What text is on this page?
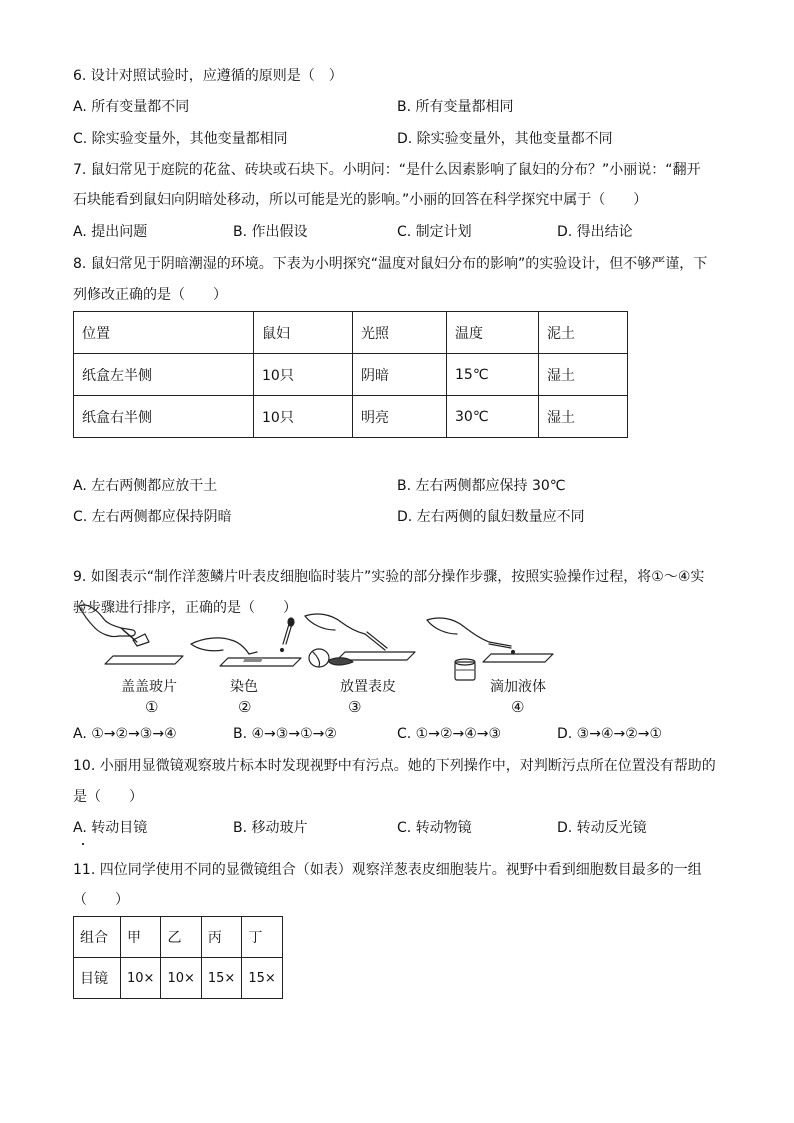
6. 设计对照试验时，应遵循的原则是（　）
A. 所有变量都不同	B. 所有变量都相同
C. 除实验变量外，其他变量都相同	D. 除实验变量外，其他变量都不同
7. 鼠妇常见于庭院的花盆、砖块或石块下。小明问：“是什么因素影响了鼠妇的分布？”小丽说：“翻开
石块能看到鼠妇向阴暗处移动，所以可能是光的影响。”小丽的回答在科学探究中属于（　　）
A. 提出问题	B. 作出假设	C. 制定计划	D. 得出结论
8. 鼠妇常见于阴暗潮湿的环境。下表为小明探究“温度对鼠妇分布的影响”的实验设计，但不够严谨，下
列修改正确的是（　　）
位置	鼠妇	光照	温度	泥土
纸盒左半侧	10只	阴暗	15℃	湿土
纸盒右半侧	10只	明亮	30℃	湿土
A. 左右两侧都应放干土	B. 左右两侧都应保持 30℃
C. 左右两侧都应保持阴暗	D. 左右两侧的鼠妇数量应不同
9. 如图表示“制作洋葱鳞片叶表皮细胞临时装片”实验的部分操作步骤，按照实验操作过程，将①～④实
验步骤进行排序，正确的是（　　）
盖盖玻片
①
染色
②
放置表皮
③
滴加液体
④
A. ①→②→③→④	B. ④→③→①→②	C. ①→②→④→③	D. ③→④→②→①
10. 小丽用显微镜观察玻片标本时发现视野中有污点。她的下列操作中，对判断污点所在位置没有帮助的
是（　　）
A. 转动目镜	B. 移动玻片	C. 转动物镜	D. 转动反光镜
11. 四位同学使用不同的显微镜组合（如表）观察洋葱表皮细胞装片。视野中看到细胞数目最多的一组
（　　）
组合	甲	乙	丙	丁
目镜	10×	10×	15×	15×
